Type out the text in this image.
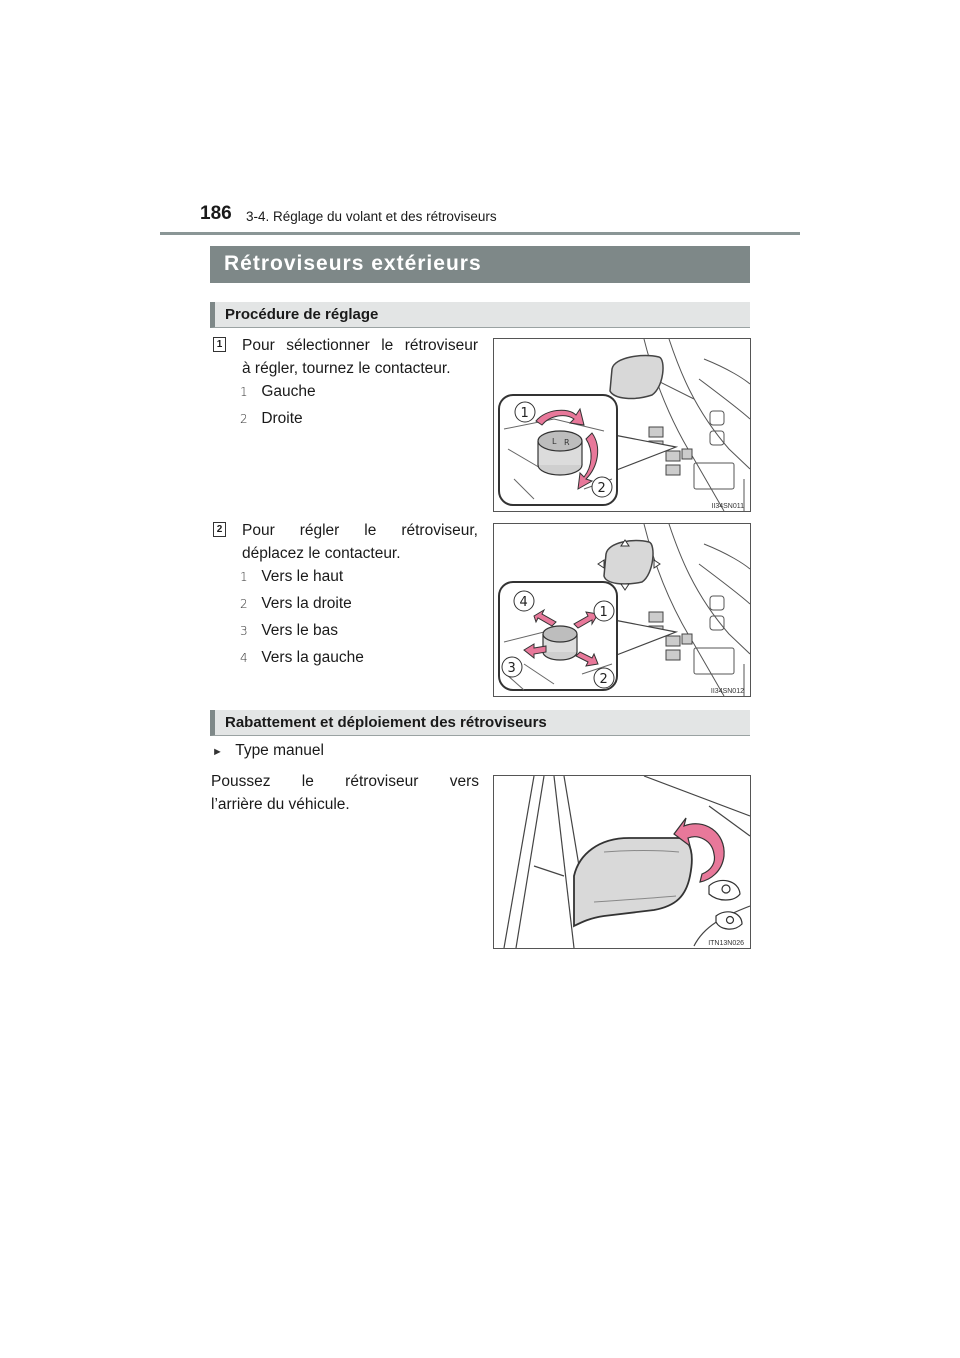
186 3-4. Réglage du volant et des rétroviseurs
Rétroviseurs extérieurs
Procédure de réglage
1 Pour sélectionner le rétroviseur
à régler, tournez le contacteur.
1 Gauche
2 Droite
L R
1
2
II34SN011
2 Pour régler le rétroviseur,
déplacez le contacteur.
1 Vers le haut
2 Vers la droite
3 Vers le bas
4 Vers la gauche
4
1
3
2
II34SN012
Rabattement et déploiement des rétroviseurs
► Type manuel
Poussez le rétroviseur vers
l’arrière du véhicule.
ITN13N026
